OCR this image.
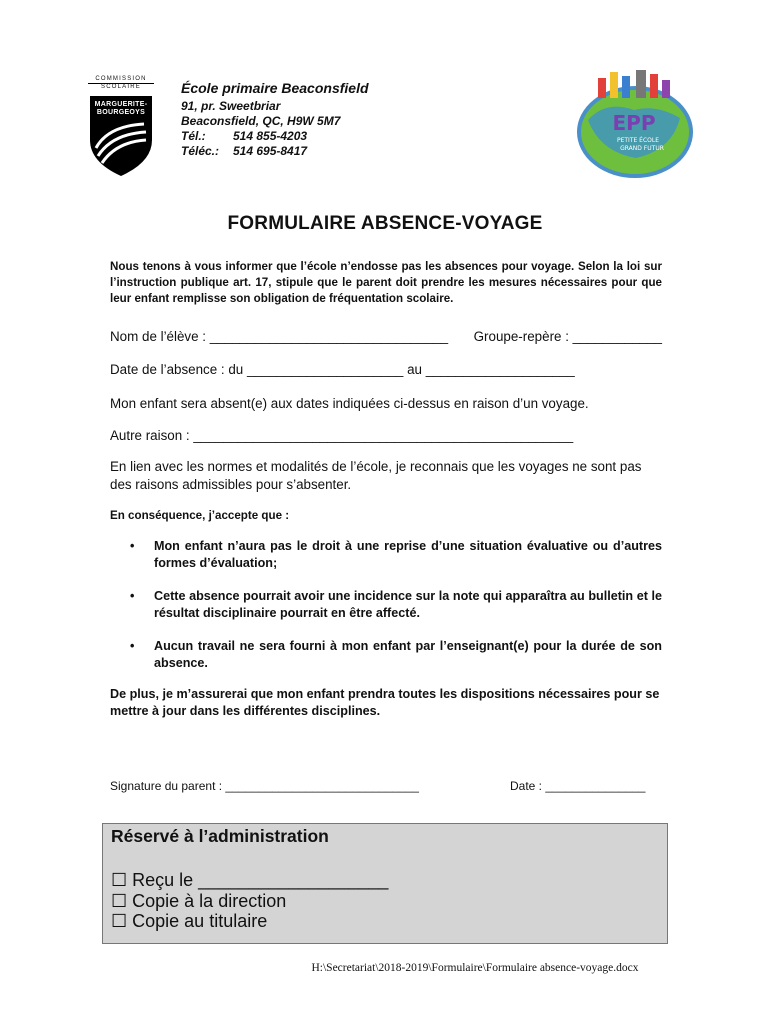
COMMISSION
SCOLAIRE
MARGUERITE-
BOURGEOYS
École primaire Beaconsfield
91, pr. Sweetbriar
Beaconsfield, QC, H9W 5M7
Tél.: 514 855-4203
Téléc.: 514 695-8417
EPP
PETITE ÉCOLE
GRAND FUTUR
FORMULAIRE ABSENCE-VOYAGE
Nous tenons à vous informer que l’école n’endosse pas les absences pour voyage. Selon la loi sur l’instruction publique art. 17, stipule que le parent doit prendre les mesures nécessaires pour que leur enfant remplisse son obligation de fréquentation scolaire.
Nom de l’élève : ________________________________ Groupe-repère : ____________
Date de l’absence : du _____________________ au ____________________
Mon enfant sera absent(e) aux dates indiquées ci-dessus en raison d’un voyage.
Autre raison : ___________________________________________________
En lien avec les normes et modalités de l’école, je reconnais que les voyages ne sont pas des raisons admissibles pour s’absenter.
En conséquence, j’accepte que :
• Mon enfant n’aura pas le droit à une reprise d’une situation évaluative ou d’autres formes d’évaluation;
• Cette absence pourrait avoir une incidence sur la note qui apparaîtra au bulletin et le résultat disciplinaire pourrait en être affecté.
• Aucun travail ne sera fourni à mon enfant par l’enseignant(e) pour la durée de son absence.
De plus, je m’assurerai que mon enfant prendra toutes les dispositions nécessaires pour se mettre à jour dans les différentes disciplines.
Signature du parent : _____________________________	Date : _______________
Réservé à l’administration
☐ Reçu le ___________________
☐ Copie à la direction
☐ Copie au titulaire
H:\Secretariat\2018-2019\Formulaire\Formulaire absence-voyage.docx
